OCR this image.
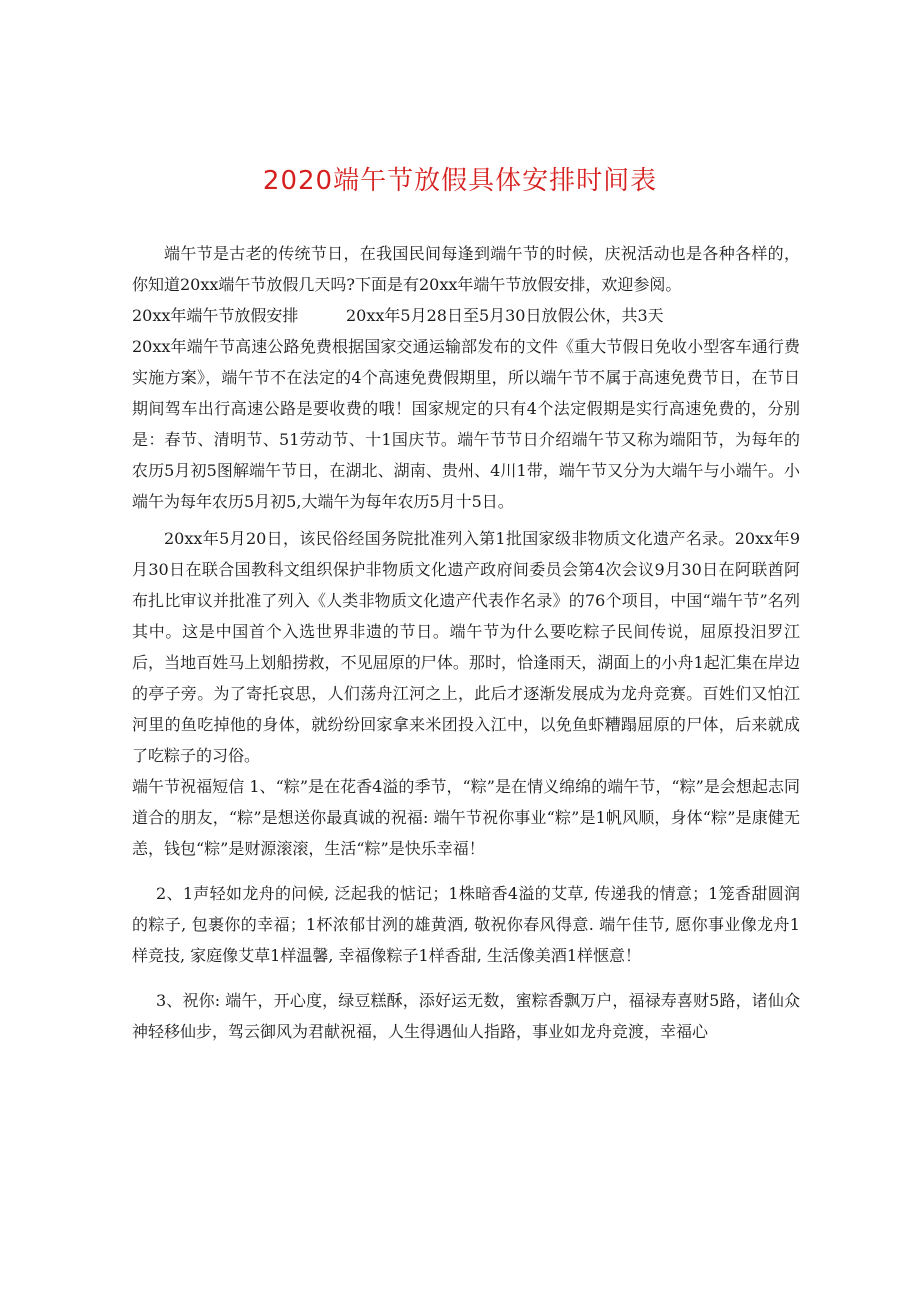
2020端午节放假具体安排时间表

端午节是古老的传统节日，在我国民间每逢到端午节的时候，庆祝活动也是各种各样的，你知道20xx端午节放假几天吗?下面是有20xx年端午节放假安排，欢迎参阅。

20xx年端午节放假安排	20xx年5月28日至5月30日放假公休，共3天

20xx年端午节高速公路免费根据国家交通运输部发布的文件《重大节假日免收小型客车通行费实施方案》，端午节不在法定的4个高速免费假期里，所以端午节不属于高速免费节日，在节日期间驾车出行高速公路是要收费的哦！国家规定的只有4个法定假期是实行高速免费的，分别是：春节、清明节、51劳动节、十1国庆节。端午节节日介绍端午节又称为端阳节，为每年的农历5月初5图解端午节日，在湖北、湖南、贵州、4川1带，端午节又分为大端午与小端午。小端午为每年农历5月初5,大端午为每年农历5月十5日。

20xx年5月20日，该民俗经国务院批准列入第1批国家级非物质文化遗产名录。20xx年9月30日在联合国教科文组织保护非物质文化遗产政府间委员会第4次会议9月30日在阿联酋阿布扎比审议并批准了列入《人类非物质文化遗产代表作名录》的76个项目，中国“端午节”名列其中。这是中国首个入选世界非遗的节日。端午节为什么要吃粽子民间传说，屈原投汨罗江后，当地百姓马上划船捞救，不见屈原的尸体。那时，恰逢雨天，湖面上的小舟1起汇集在岸边的亭子旁。为了寄托哀思，人们荡舟江河之上，此后才逐渐发展成为龙舟竞赛。百姓们又怕江河里的鱼吃掉他的身体，就纷纷回家拿来米团投入江中，以免鱼虾糟蹋屈原的尸体，后来就成了吃粽子的习俗。

端午节祝福短信 1、“粽”是在花香4溢的季节，“粽”是在情义绵绵的端午节，“粽”是会想起志同道合的朋友，“粽”是想送你最真诚的祝福: 端午节祝你事业“粽”是1帆风顺，身体“粽”是康健无恙，钱包“粽”是财源滚滚，生活“粽”是快乐幸福！

2、1声轻如龙舟的问候, 泛起我的惦记；1株暗香4溢的艾草, 传递我的情意；1笼香甜圆润的粽子, 包裹你的幸福；1杯浓郁甘洌的雄黄酒, 敬祝你春风得意. 端午佳节, 愿你事业像龙舟1样竞技, 家庭像艾草1样温馨, 幸福像粽子1样香甜, 生活像美酒1样惬意！

3、祝你: 端午，开心度，绿豆糕酥，添好运无数，蜜粽香飘万户，福禄寿喜财5路，诸仙众神轻移仙步，驾云御风为君献祝福，人生得遇仙人指路，事业如龙舟竞渡，幸福心
